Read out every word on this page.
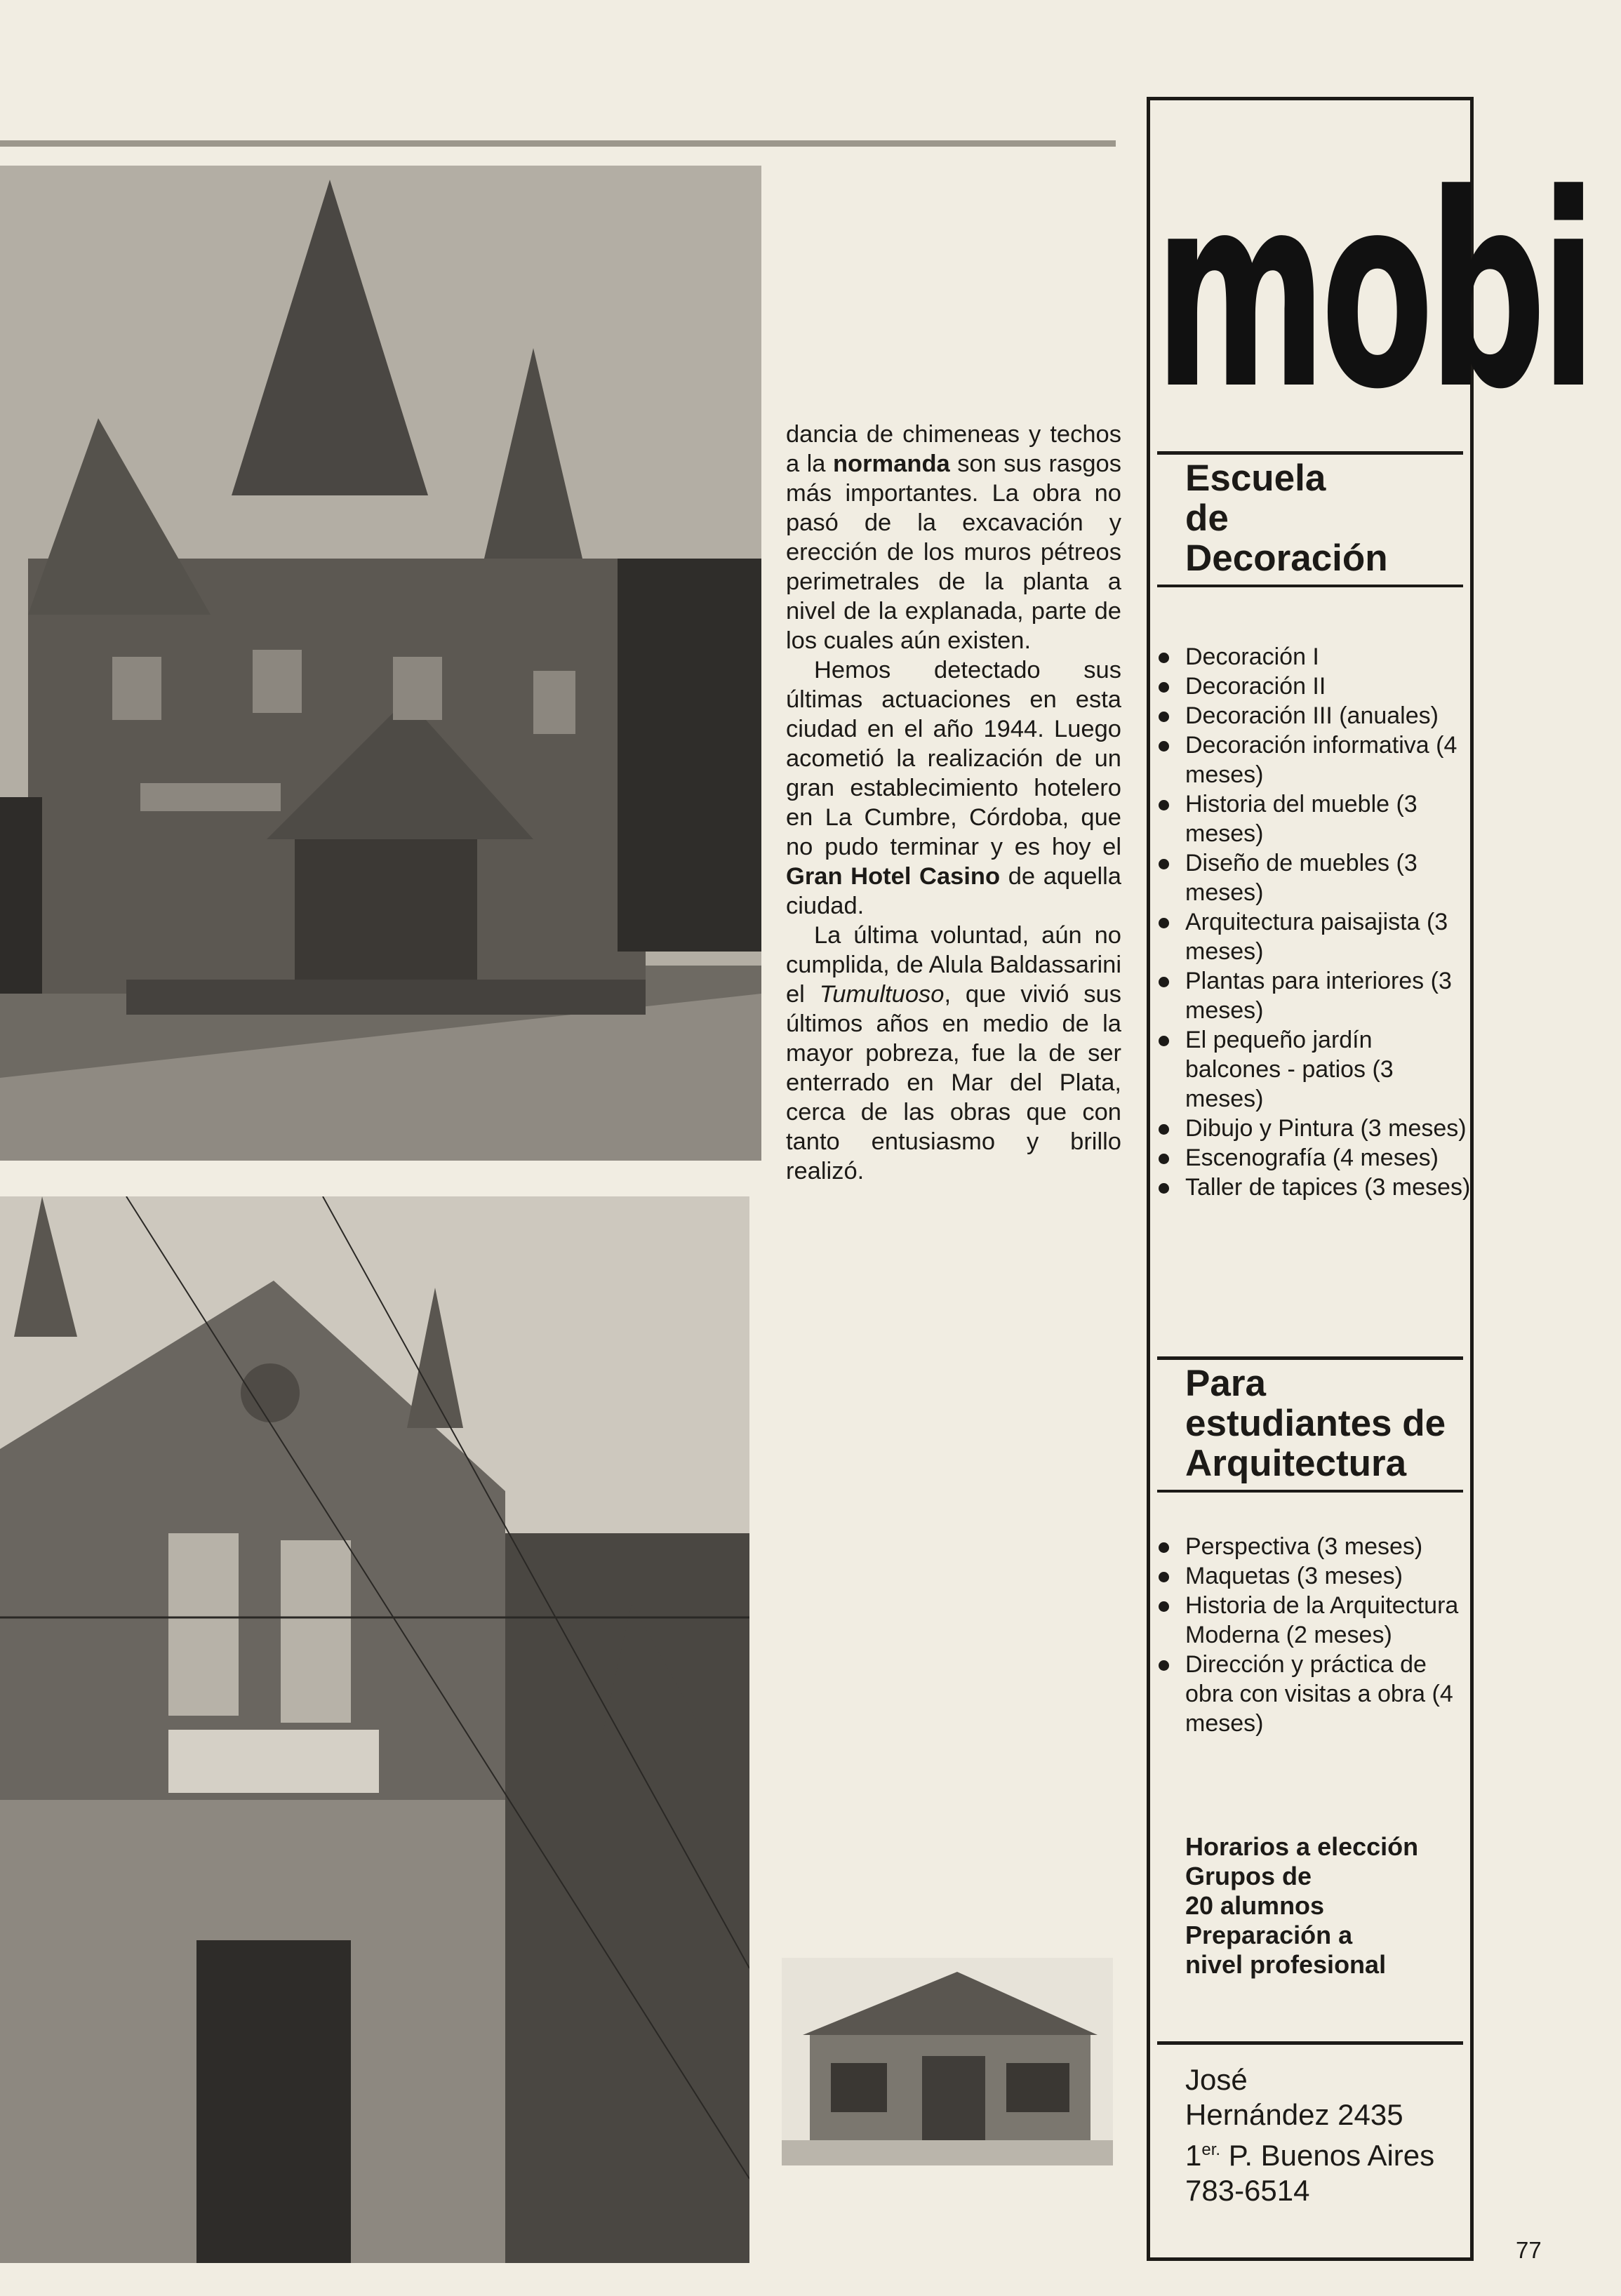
dancia de chimeneas y techos a la normanda son sus rasgos más importantes. La obra no pasó de la excavación y erección de los muros pétreos perimetrales de la planta a nivel de la explanada, parte de los cuales aún existen.

Hemos detectado sus últimas actuaciones en esta ciudad en el año 1944. Luego acometió la realización de un gran establecimiento hotelero en La Cumbre, Córdoba, que no pudo terminar y es hoy el Gran Hotel Casino de aquella ciudad.

La última voluntad, aún no cumplida, de Alula Baldassarini el Tumultuoso, que vivió sus últimos años en medio de la mayor pobreza, fue la de ser enterrado en Mar del Plata, cerca de las obras que con tanto entusiasmo y brillo realizó.

mobi
Escuela
de
Decoración
Decoración I
Decoración II
Decoración III (anuales)
Decoración informativa (4 meses)
Historia del mueble (3 meses)
Diseño de muebles (3 meses)
Arquitectura paisajista (3 meses)
Plantas para interiores (3 meses)
El pequeño jardín balcones - patios (3 meses)
Dibujo y Pintura (3 meses)
Escenografía (4 meses)
Taller de tapices (3 meses)
Para
estudiantes de
Arquitectura
Perspectiva (3 meses)
Maquetas (3 meses)
Historia de la Arquitectura Moderna (2 meses)
Dirección y práctica de obra con visitas a obra (4 meses)
Horarios a elección
Grupos de
20 alumnos
Preparación a
nivel profesional
José
Hernández 2435
$1^{er.}$ P. Buenos Aires
783-6514
77
